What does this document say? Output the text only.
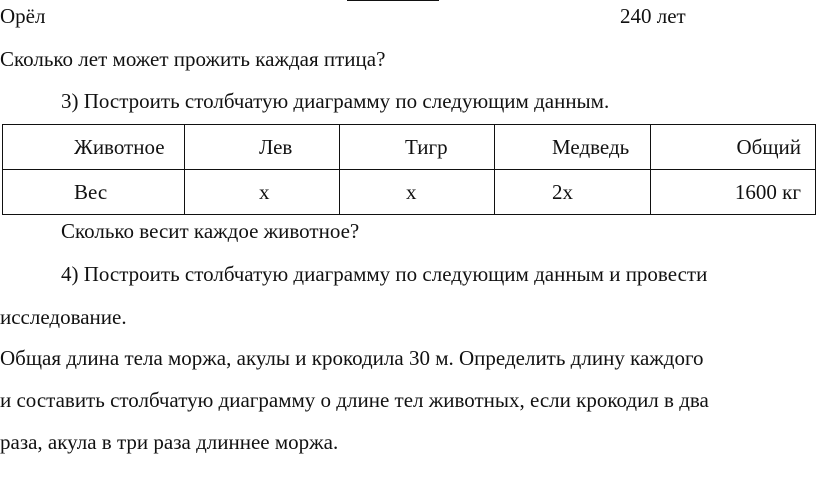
Орёл	240 лет
Сколько лет может прожить каждая птица?
3) Построить столбчатую диаграмму по следующим данным.
Животное	Лев	Тигр	Медведь	Общий

Вес	x	x	2x	1600 кг
Сколько весит каждое животное?
4) Построить столбчатую диаграмму по следующим данным и провести
исследование.
Общая длина тела моржа, акулы и крокодила 30 м. Определить длину каждого
и составить столбчатую диаграмму о длине тел животных, если крокодил в два
раза, акула в три раза длиннее моржа.
